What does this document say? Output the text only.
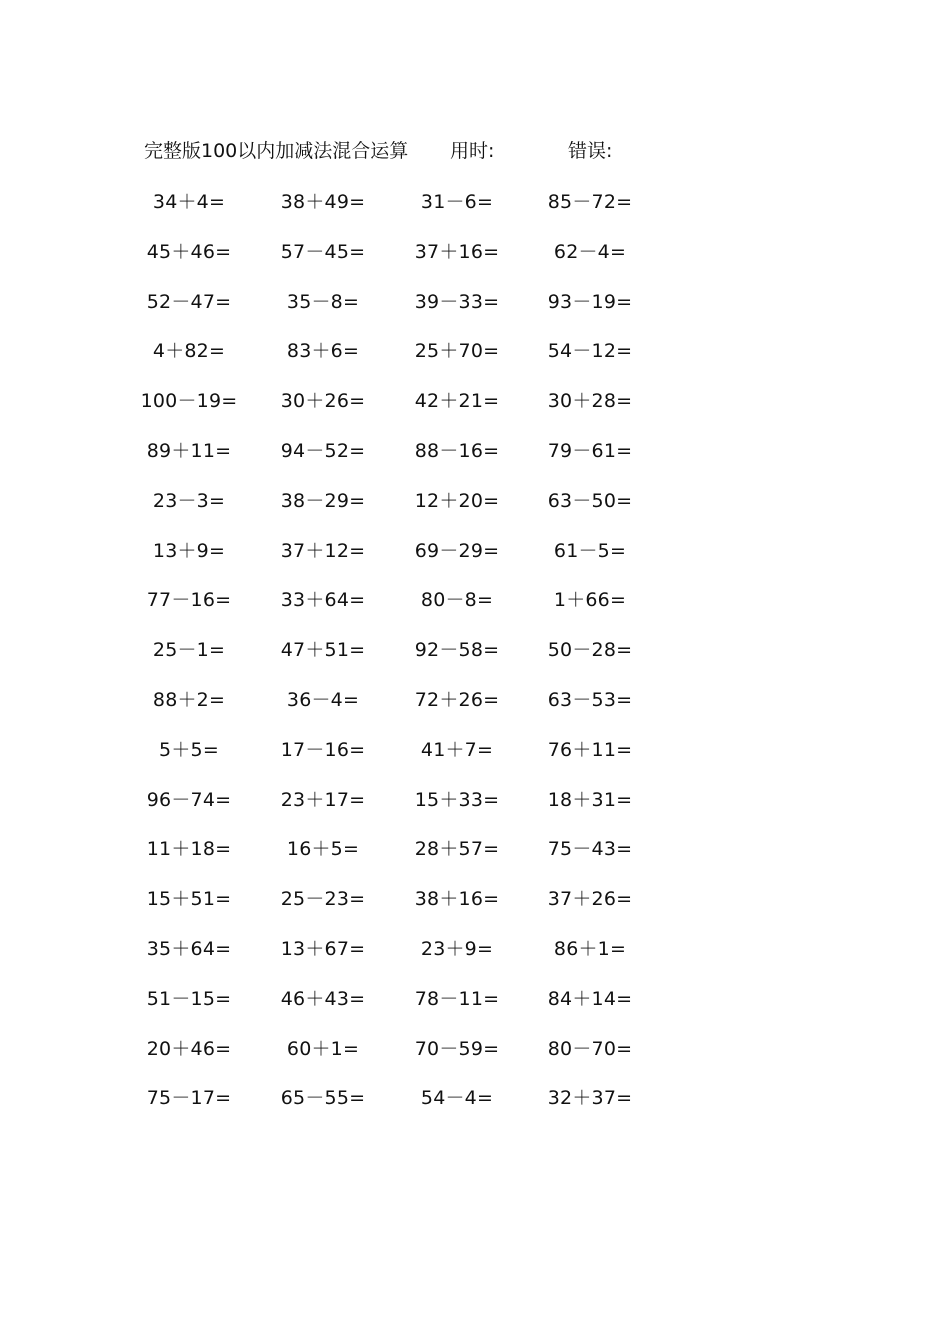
完整版100以内加减法混合运算 用时:	错误:
34＋4=	38＋49=	31－6=	85－72=
45＋46=	57－45=	37＋16=	62－4=
52－47=	35－8=	39－33=	93－19=
4＋82=	83＋6=	25＋70=	54－12=
100－19=	30＋26=	42＋21=	30＋28=
89＋11=	94－52=	88－16=	79－61=
23－3=	38－29=	12＋20=	63－50=
13＋9=	37＋12=	69－29=	61－5=
77－16=	33＋64=	80－8=	1＋66=
25－1=	47＋51=	92－58=	50－28=
88＋2=	36－4=	72＋26=	63－53=
5＋5=	17－16=	41＋7=	76＋11=
96－74=	23＋17=	15＋33=	18＋31=
11＋18=	16＋5=	28＋57=	75－43=
15＋51=	25－23=	38＋16=	37＋26=
35＋64=	13＋67=	23＋9=	86＋1=
51－15=	46＋43=	78－11=	84＋14=
20＋46=	60＋1=	70－59=	80－70=
75－17=	65－55=	54－4=	32＋37=
